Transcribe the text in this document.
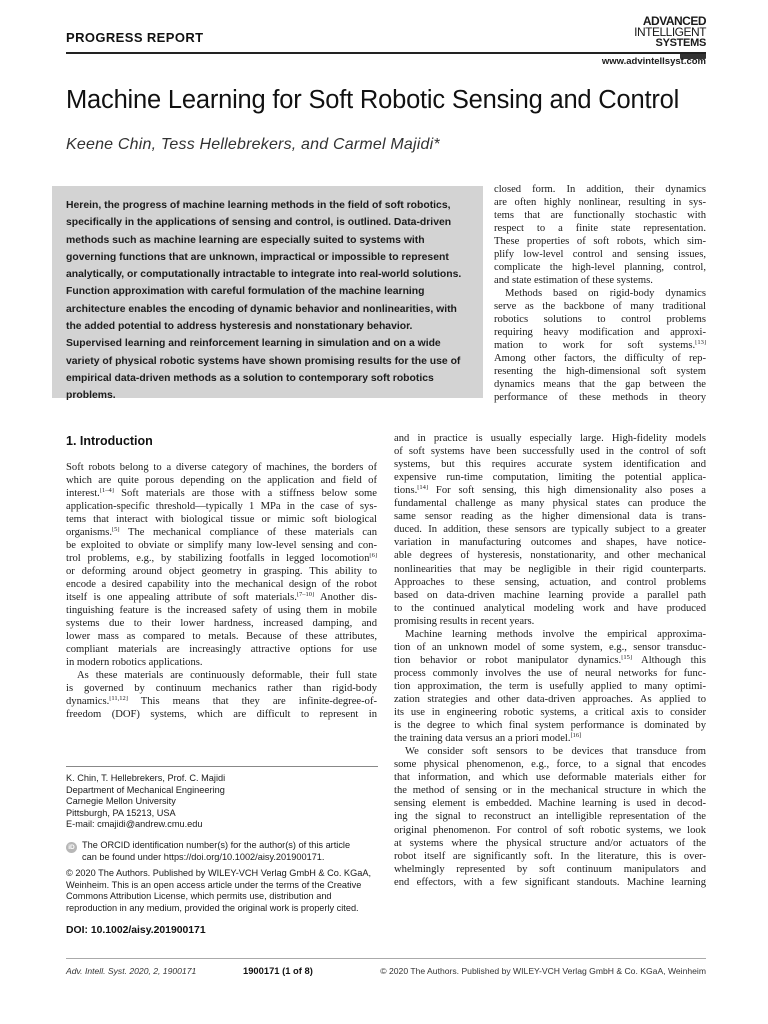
PROGRESS REPORT
ADVANCED
INTELLIGENT
SYSTEMS
www.advintellsyst.com
Machine Learning for Soft Robotic Sensing and Control
Keene Chin, Tess Hellebrekers, and Carmel Majidi*
Herein, the progress of machine learning methods in the field of soft robotics, specifically in the applications of sensing and control, is outlined. Data-driven methods such as machine learning are especially suited to systems with governing functions that are unknown, impractical or impossible to represent analytically, or computationally intractable to integrate into real-world solutions. Function approximation with careful formulation of the machine learning architecture enables the encoding of dynamic behavior and nonlinearities, with the added potential to address hysteresis and nonstationary behavior. Supervised learning and reinforcement learning in simulation and on a wide variety of physical robotic systems have shown promising results for the use of empirical data-driven methods as a solution to contemporary soft robotics problems.
1. Introduction
Soft robots belong to a diverse category of machines, the borders of
which are quite porous depending on the application and field of
interest.[1–4] Soft materials are those with a stiffness below some
application-specific threshold—typically 1 MPa in the case of sys-
tems that interact with biological tissue or mimic soft biological
organisms.[5] The mechanical compliance of these materials can
be exploited to obviate or simplify many low-level sensing and con-
trol problems, e.g., by stabilizing footfalls in legged locomotion[6]
or deforming around object geometry in grasping. This ability to
encode a desired capability into the mechanical design of the robot
itself is one appealing attribute of soft materials.[7–10] Another dis-
tinguishing feature is the increased safety of using them in mobile
systems due to their lower hardness, increased damping, and
lower mass as compared to metals. Because of these attributes,
compliant materials are increasingly attractive options for use
in modern robotics applications.
As these materials are continuously deformable, their full state
is governed by continuum mechanics rather than rigid-body
dynamics.[11,12] This means that they are infinite-degree-of-
freedom (DOF) systems, which are difficult to represent in
closed form. In addition, their dynamics
are often highly nonlinear, resulting in sys-
tems that are functionally stochastic with
respect to a finite state representation.
These properties of soft robots, which sim-
plify low-level control and sensing issues,
complicate the high-level planning, control,
and state estimation of these systems.
Methods based on rigid-body dynamics
serve as the backbone of many traditional
robotics solutions to control problems
requiring heavy modification and approxi-
mation to work for soft systems.[13]
Among other factors, the difficulty of rep-
resenting the high-dimensional soft system
dynamics means that the gap between the
performance of these methods in theory
and in practice is usually especially large. High-fidelity models
of soft systems have been successfully used in the control of soft
systems, but this requires accurate system identification and
expensive run-time computation, limiting the potential applica-
tions.[14] For soft sensing, this high dimensionality also poses a
fundamental challenge as many physical states can produce the
same sensor reading as the higher dimensional data is trans-
duced. In addition, these sensors are typically subject to a greater
variation in manufacturing outcomes and shapes, have notice-
able degrees of hysteresis, nonstationarity, and other mechanical
nonlinearities that may be negligible in their rigid counterparts.
Approaches to these sensing, actuation, and control problems
based on data-driven machine learning provide a parallel path
to the continued analytical modeling work and have produced
promising results in recent years.
Machine learning methods involve the empirical approxima-
tion of an unknown model of some system, e.g., sensor transduc-
tion behavior or robot manipulator dynamics.[15] Although this
process commonly involves the use of neural networks for func-
tion approximation, the term is usefully applied to many optimi-
zation strategies and other data-driven approaches. As applied to
its use in engineering robotic systems, a critical axis to consider
is the degree to which final system performance is dominated by
the training data versus an a priori model.[16]
We consider soft sensors to be devices that transduce from
some physical phenomenon, e.g., force, to a signal that encodes
that information, and which use deformable materials either for
the method of sensing or in the mechanical structure in which the
sensing element is embedded. Machine learning is used in decod-
ing the signal to reconstruct an intelligible representation of the
original phenomenon. For control of soft robotic systems, we look
at systems where the physical structure and/or actuators of the
robot itself are significantly soft. In the literature, this is over-
whelmingly represented by soft continuum manipulators and
end effectors, with a few significant standouts. Machine learning
K. Chin, T. Hellebrekers, Prof. C. Majidi
Department of Mechanical Engineering
Carnegie Mellon University
Pittsburgh, PA 15213, USA
E-mail: cmajidi@andrew.cmu.edu
iD The ORCID identification number(s) for the author(s) of this article
can be found under https://doi.org/10.1002/aisy.201900171.
© 2020 The Authors. Published by WILEY-VCH Verlag GmbH & Co. KGaA,
Weinheim. This is an open access article under the terms of the Creative
Commons Attribution License, which permits use, distribution and
reproduction in any medium, provided the original work is properly cited.
DOI: 10.1002/aisy.201900171
Adv. Intell. Syst. 2020, 2, 1900171	1900171 (1 of 8)	© 2020 The Authors. Published by WILEY-VCH Verlag GmbH & Co. KGaA, Weinheim
